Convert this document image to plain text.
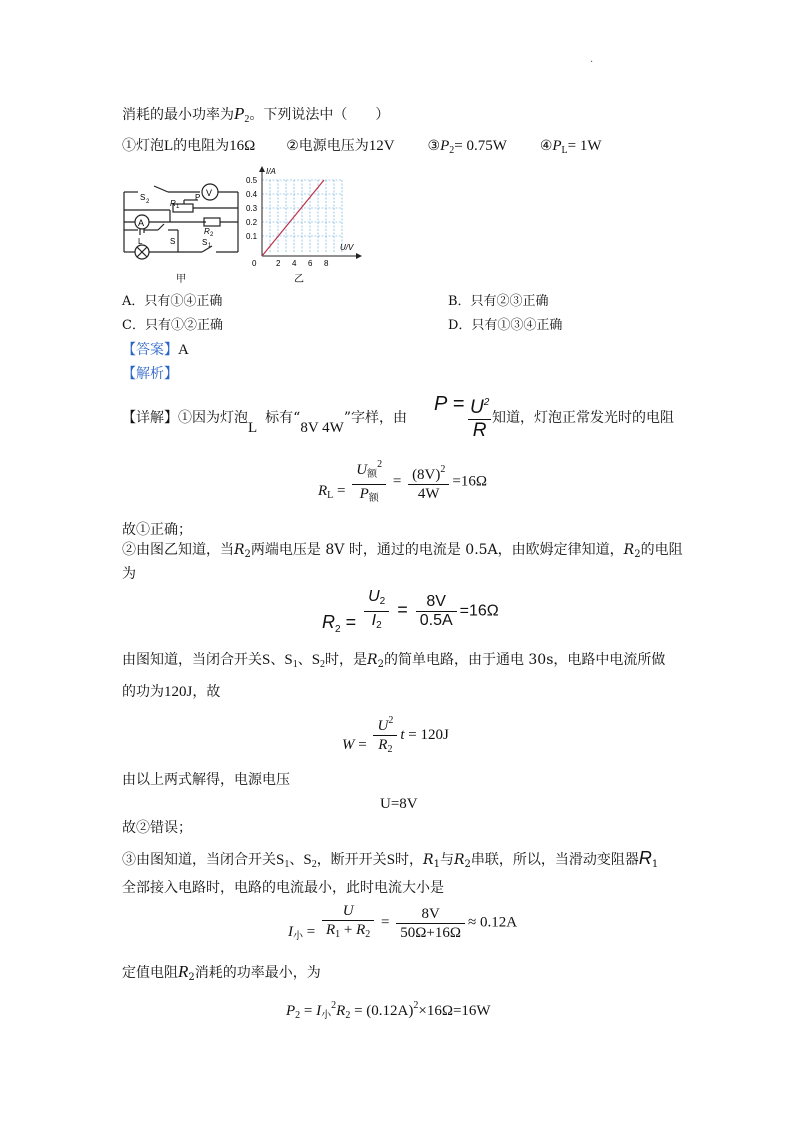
.
消耗的最小功率为$P_2$。下列说法中（　　）
①灯泡L的电阻为16Ω ②电源电压为12V $③P_2= 0.75W$ $④P_L= 1W$
V
A
S 2	R 1
P
R 2
L	S	S 1
甲
I/A
U/V
0
0.5
0.4
0.3
0.2
0.1
2 4 6 8
乙
A．只有①④正确	B．只有②③正确
C．只有①②正确	D．只有①③④正确
【答案】A
【解析】
【详解】①因为灯泡L标有“8V 4W”字样，由
$P = U^2$
R
知道，灯泡正常发光时的电阻
$R_L = \frac{U_额^2}{P_额} = \frac{(8V)^2}{4W} =16\Omega$
故①正确；
②由图乙知道，当$R_2$两端电压是 8V 时，通过的电流是 0.5A，由欧姆定律知道，$R_2$的电阻
为
$R_2 = \frac{U2}{I2} = \frac{8V}{0.5A} =16\Omega$
由图知道，当闭合开关S、$S_1$、$S_2$时，是$R_2$的简单电路，由于通电 30s，电路中电流所做
的功为120J，故
$W = \frac{U^2}{R_2}$ t = 120J
由以上两式解得，电源电压
U=8V
故②错误；
③由图知道，当闭合开关$S_1$、$S_2$，断开开关S时，$R_1$与$R_2$串联，所以，当滑动变阻器$R_1$
全部接入电路时，电路的电流最小，此时电流大小是
$I_小 = \frac{U}{R_1 + R_2} = \frac{8V}{50\Omega+16\Omega} \approx 0.12A$
定值电阻$R_2$消耗的功率最小，为
$P_2 = I_小^2R_2 = (0.12A)^2\times 16\Omega=16W$
